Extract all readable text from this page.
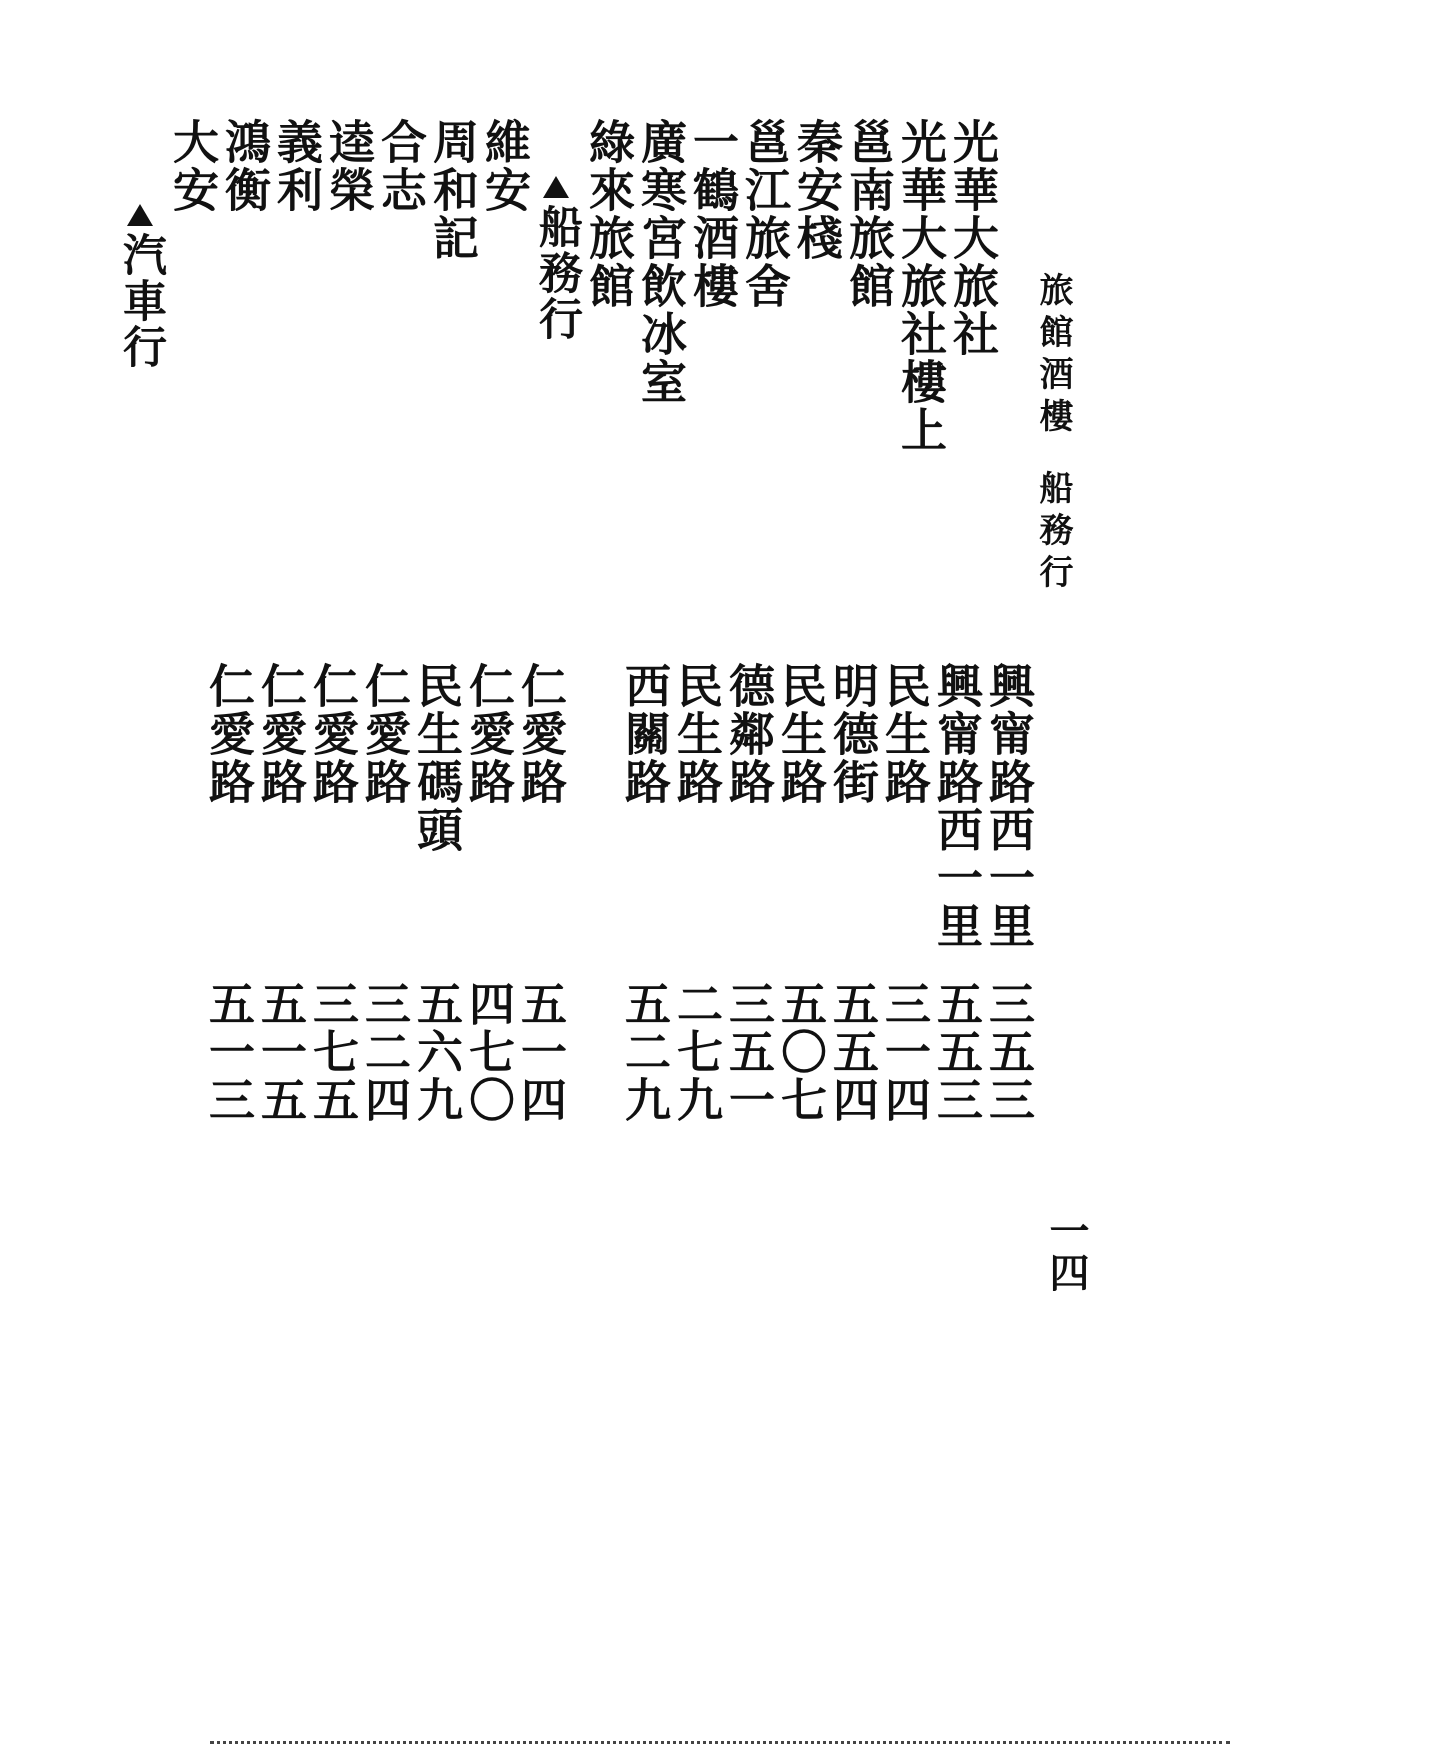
旅館酒樓船務行
一四
光華大旅社
光華大旅社樓上
邕南旅館
秦安棧
邕江旅舍
一鶴酒樓
廣寒宮飲冰室
綠來旅館
船務行
維安
周和記
合志
逵榮
義利
鴻衡
大安
汽車行
興甯路西一里
興甯路西一里
民生路
明德街
民生路
德鄰路
民生路
西關路
仁愛路
仁愛路
民生碼頭
仁愛路
仁愛路
仁愛路
仁愛路
三五三
五五三
三一四
五五四
五〇七
三五一
二七九
五二九
五一四
四七〇
五六九
三二四
三七五
五一五
五一三
